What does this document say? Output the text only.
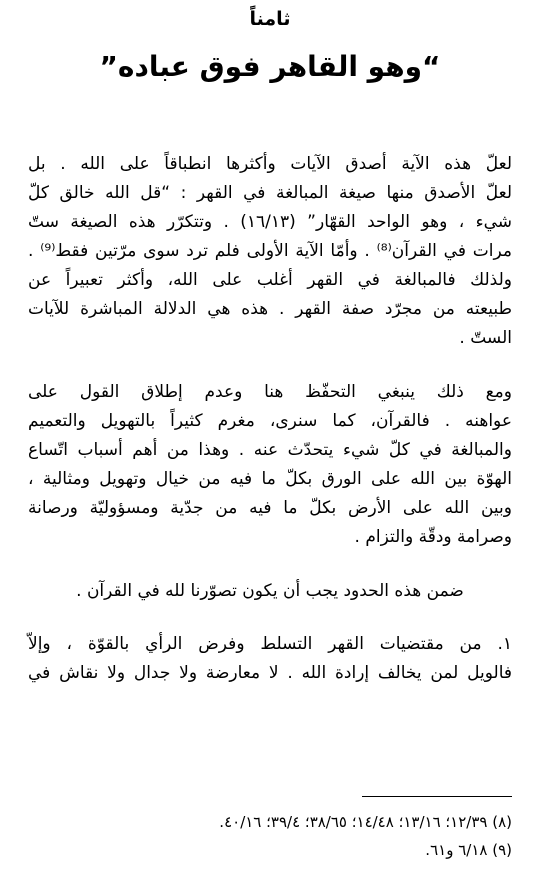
ثامناً
“وهو القاهر فوق عباده”
لعلّ هذه الآية أصدق الآيات وأكثرها انطباقاً على الله . بل
لعلّ الأصدق منها صيغة المبالغة في القهر : “قل الله خالق كلّ
شيء ، وهو الواحد القهّار” (١٦/١٣) . وتتكرّر هذه الصيغة ستّ
مرات في القرآن⁽⁸⁾ . وأمّا الآية الأولى فلم ترد سوى مرّتين فقط⁽⁹⁾ .
ولذلك فالمبالغة في القهر أغلب على الله، وأكثر تعبيراً عن
طبيعته من مجرّد صفة القهر . هذه هي الدلالة المباشرة للآيات
الستّ .
ومع ذلك ينبغي التحفّظ هنا وعدم إطلاق القول على
عواهنه . فالقرآن، كما سنرى، مغرم كثيراً بالتهويل والتعميم
والمبالغة في كلّ شيء يتحدّث عنه . وهذا من أهم أسباب اتّساع
الهوّة بين الله على الورق بكلّ ما فيه من خيال وتهويل ومثالية ،
وبين الله على الأرض بكلّ ما فيه من جدّية ومسؤوليّة ورصانة
وصرامة ودقّة والتزام .
ضمن هذه الحدود يجب أن يكون تصوّرنا لله في القرآن .
١. من مقتضيات القهر التسلط وفرض الرأي بالقوّة ، وإلاّ
فالويل لمن يخالف إرادة الله . لا معارضة ولا جدال ولا نقاش في
(٨) ١٢/٣٩؛ ١٣/١٦؛ ١٤/٤٨؛ ٣٨/٦٥؛ ٣٩/٤؛ ٤٠/١٦.
(٩) ٦/١٨ و٦١.
